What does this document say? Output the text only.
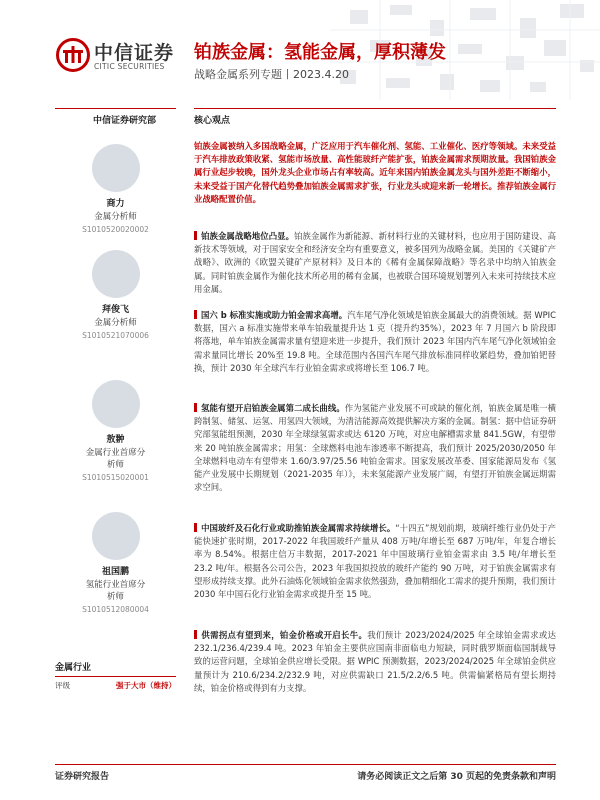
中信证券
CITIC SECURITIES
铂族金属：氢能金属，厚积薄发
战略金属系列专题丨2023.4.20
中信证券研究部	核心观点
商力
金属分析师
S1010520020002
拜俊飞
金属分析师
S1010521070006
敖翀
金属行业首席分析师
S1010515020001
祖国鹏
氢能行业首席分析师
S1010512080004
铂族金属被纳入多国战略金属，广泛应用于汽车催化剂、氢能、工业催化、医疗等领域。未来受益于汽车排放政策收紧、氢能市场放量、高性能玻纤产能扩张，铂族金属需求预期放量。我国铂族金属行业起步较晚，国外龙头企业市场占有率较高。近年来国内铂族金属龙头与国外差距不断缩小，未来受益于国产化替代趋势叠加铂族金属需求扩张，行业龙头或迎来新一轮增长。推荐铂族金属行业战略配置价值。
铂族金属战略地位凸显。铂族金属作为新能源、新材料行业的关键材料，也应用于国防建设、高新技术等领域，对于国家安全和经济安全均有重要意义，被多国列为战略金属。美国的《关键矿产战略》、欧洲的《欧盟关键矿产原材料》及日本的《稀有金属保障战略》等名录中均纳入铂族金属。同时铂族金属作为催化技术所必用的稀有金属，也被联合国环境规划署列入未来可持续技术应用金属。
国六 b 标准实施或助力铂金需求高增。汽车尾气净化领域是铂族金属最大的消费领域。据 WPIC 数据，国六 a 标准实施带来单车铂载量提升达 1 克（提升约35%），2023 年 7 月国六 b 阶段即将落地，单车铂族金属需求量有望迎来进一步提升，我们预计 2023 年国内汽车尾气净化领域铂金需求量同比增长 20%至 19.8 吨。全球范围内各国汽车尾气排放标准同样收紧趋势，叠加铂钯替换，预计 2030 年全球汽车行业铂金需求或将增长至 106.7 吨。
氢能有望开启铂族金属第二成长曲线。作为氢能产业发展不可或缺的催化剂，铂族金属是唯一横跨制氢、储氢、运氢、用氢四大领域，为清洁能源高效提供解决方案的金属。制氢：据中信证券研究部氢能组预测，2030 年全球绿氢需求或达 6120 万吨，对应电解槽需求量 841.5GW，有望带来 20 吨铂族金属需求；用氢：全球燃料电池车渗透率不断提高，我们预计 2025/2030/2050 年全球燃料电动车有望带来 1.60/3.97/25.56 吨铂金需求。国家发展改革委、国家能源局发布《氢能产业发展中长期规划（2021-2035 年）》，未来氢能源产业发展广阔，有望打开铂族金属远期需求空间。
中国玻纤及石化行业或助推铂族金属需求持续增长。“十四五”规划前期，玻璃纤维行业仍处于产能快速扩张时期，2017-2022 年我国玻纤产量从 408 万吨/年增长至 687 万吨/年，年复合增长率为 8.54%。根据庄信万丰数据，2017-2021 年中国玻璃行业铂金需求由 3.5 吨/年增长至 23.2 吨/年。根据各公司公告，2023 年我国拟投放的玻纤产能约 90 万吨，对于铂族金属需求有望形成持续支撑。此外石油炼化领域铂金需求依然强劲，叠加精细化工需求的提升预期，我们预计 2030 年中国石化行业铂金需求或提升至 15 吨。
供需拐点有望到来，铂金价格或开启长牛。我们预计 2023/2024/2025 年全球铂金需求或达 232.1/236.4/239.4 吨。2023 年铂金主要供应国南非面临电力短缺，同时俄罗斯面临国制裁导致的运营问题，全球铂金供应增长受限。据 WPIC 预测数据，2023/2024/2025 年全球铂金供应量预计为 210.6/234.2/232.9 吨，对应供需缺口 21.5/2.2/6.5 吨。供需偏紧格局有望长期持续，铂金价格或得到有力支撑。
金属行业
评级	强于大市（维持）
证券研究报告	请务必阅读正文之后第 30 页起的免责条款和声明
